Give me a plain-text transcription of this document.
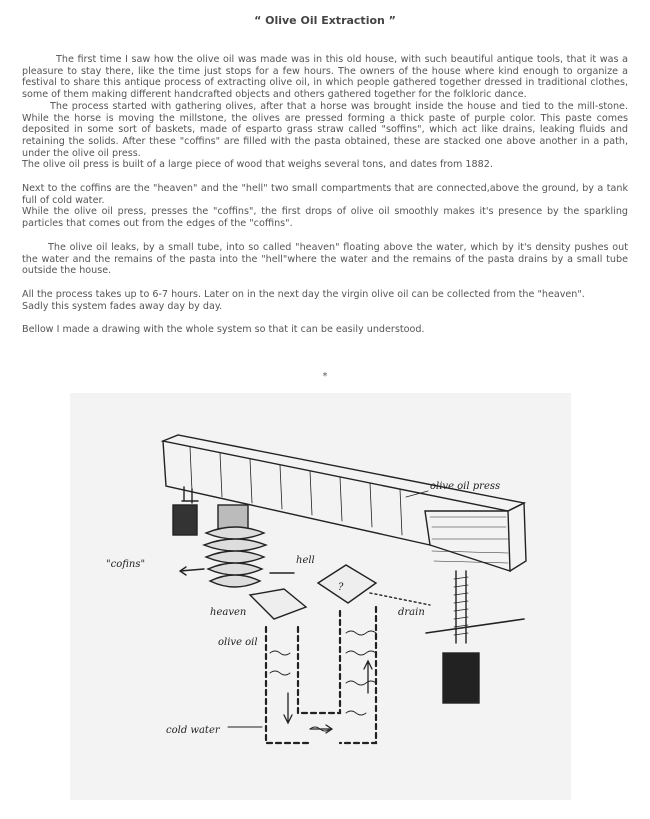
“ Olive Oil Extraction ”

The first time I saw how the olive oil was made was in this old house, with such beautiful antique tools, that it was a pleasure to stay there, like the time just stops for a few hours. The owners of the house where kind enough to organize a festival to share this antique process of extracting olive oil, in which people gathered together dressed in traditional clothes, some of them making different handcrafted objects and others gathered together for the folkloric dance.

The process started with gathering olives, after that a horse was brought inside the house and tied to the mill-stone. While the horse is moving the millstone, the olives are pressed forming a thick paste of purple color. This paste comes deposited in some sort of baskets, made of esparto grass straw called "soffins", which act like drains, leaking fluids and retaining the solids. After these "coffins" are filled with the pasta obtained, these are stacked one above another in a path, under the olive oil press.

The olive oil press is built of a large piece of wood that weighs several tons, and dates from 1882.

Next to the coffins are the "heaven" and the "hell" two small compartments that are connected,above the ground, by a tank full of cold water.

While the olive oil press, presses the "coffins", the first drops of olive oil smoothly makes it's presence by the sparkling particles that comes out from the edges of the "coffins".

The olive oil leaks, by a small tube, into so called "heaven" floating above the water, which by it's density pushes out the water and the remains of the pasta into the "hell"where the water and the remains of the pasta drains by a small tube outside the house.

All the process takes up to 6-7 hours. Later on in the next day the virgin olive oil can be collected from the "heaven".

Sadly this system fades away day by day.

Bellow I made a drawing with the whole system so that it can be easily understood.

*
?
olive oil press
"cofins"	hell
heaven
olive oil
drain
cold water
